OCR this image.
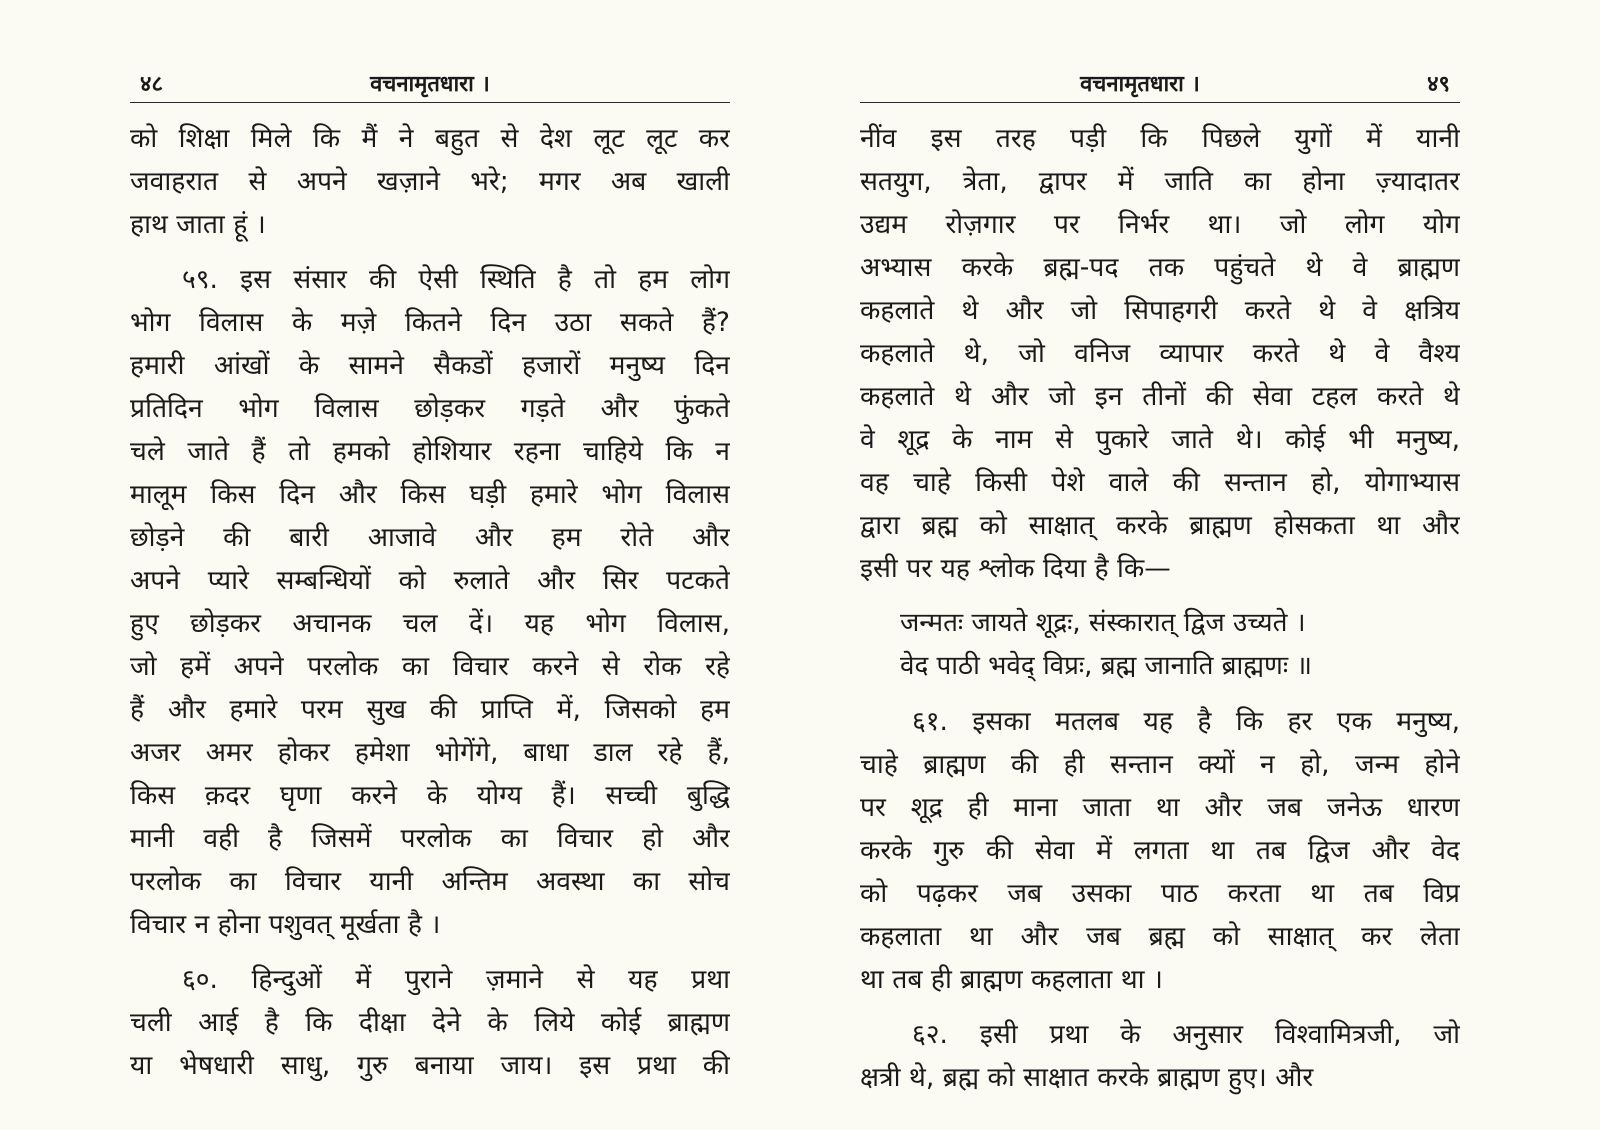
४८	वचनामृतधारा ।
को शिक्षा मिले कि मैं ने बहुत से देश लूट लूट कर
जवाहरात से अपने खज़ाने भरे; मगर अब खाली
हाथ जाता हूं ।
५९. इस संसार की ऐसी स्थिति है तो हम लोग
भोग विलास के मज़े कितने दिन उठा सकते हैं?
हमारी आंखों के सामने सैकडों हजारों मनुष्य दिन
प्रतिदिन भोग विलास छोड़कर गड़ते और फुंकते
चले जाते हैं तो हमको होशियार रहना चाहिये कि न
मालूम किस दिन और किस घड़ी हमारे भोग विलास
छोड़ने की बारी आजावे और हम रोते और
अपने प्यारे सम्बन्धियों को रुलाते और सिर पटकते
हुए छोड़कर अचानक चल दें। यह भोग विलास,
जो हमें अपने परलोक का विचार करने से रोक रहे
हैं और हमारे परम सुख की प्राप्ति में, जिसको हम
अजर अमर होकर हमेशा भोगेंगे, बाधा डाल रहे हैं,
किस क़दर घृणा करने के योग्य हैं। सच्ची बुद्धि
मानी वही है जिसमें परलोक का विचार हो और
परलोक का विचार यानी अन्तिम अवस्था का सोच
विचार न होना पशुवत् मूर्खता है ।
६०. हिन्दुओं में पुराने ज़माने से यह प्रथा
चली आई है कि दीक्षा देने के लिये कोई ब्राह्मण
या भेषधारी साधु, गुरु बनाया जाय। इस प्रथा की
वचनामृतधारा ।	४९
नींव इस तरह पड़ी कि पिछले युगों में यानी
सतयुग, त्रेता, द्वापर में जाति का होना ज़्यादातर
उद्यम रोज़गार पर निर्भर था। जो लोग योग
अभ्यास करके ब्रह्म-पद तक पहुंचते थे वे ब्राह्मण
कहलाते थे और जो सिपाहगरी करते थे वे क्षत्रिय
कहलाते थे, जो वनिज व्यापार करते थे वे वैश्य
कहलाते थे और जो इन तीनों की सेवा टहल करते थे
वे शूद्र के नाम से पुकारे जाते थे। कोई भी मनुष्य,
वह चाहे किसी पेशे वाले की सन्तान हो, योगाभ्यास
द्वारा ब्रह्म को साक्षात् करके ब्राह्मण होसकता था और
इसी पर यह श्लोक दिया है कि—
जन्मतः जायते शूद्रः, संस्कारात् द्विज उच्यते ।
वेद पाठी भवेद् विप्रः, ब्रह्म जानाति ब्राह्मणः ॥
६१. इसका मतलब यह है कि हर एक मनुष्य,
चाहे ब्राह्मण की ही सन्तान क्यों न हो, जन्म होने
पर शूद्र ही माना जाता था और जब जनेऊ धारण
करके गुरु की सेवा में लगता था तब द्विज और वेद
को पढ़कर जब उसका पाठ करता था तब विप्र
कहलाता था और जब ब्रह्म को साक्षात् कर लेता
था तब ही ब्राह्मण कहलाता था ।
६२. इसी प्रथा के अनुसार विश्वामित्रजी, जो
क्षत्री थे, ब्रह्म को साक्षात करके ब्राह्मण हुए। और
